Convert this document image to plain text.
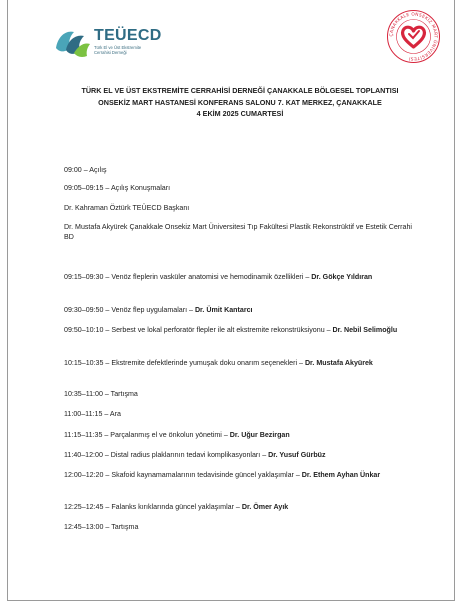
TEÜECD
Türk El ve Üst Ekstremite Cerrahisi Derneği
ÇANAKKALE ONSEKİZ MART ÜNİVERSİTESİ
TÜRK EL VE ÜST EKSTREMİTE CERRAHİSİ DERNEĞİ ÇANAKKALE BÖLGESEL TOPLANTISI
ONSEKİZ MART HASTANESİ KONFERANS SALONU 7. KAT MERKEZ, ÇANAKKALE
4 EKİM 2025 CUMARTESİ
09:00 – Açılış
09:05–09:15 – Açılış Konuşmaları
Dr. Kahraman Öztürk TEÜECD Başkanı
Dr. Mustafa Akyürek Çanakkale Onsekiz Mart Üniversitesi Tıp Fakültesi Plastik Rekonstrüktif ve Estetik Cerrahi BD
09:15–09:30 – Venöz fleplerin vasküler anatomisi ve hemodinamik özellikleri – Dr. Gökçe Yıldıran
09:30–09:50 – Venöz flep uygulamaları – Dr. Ümit Kantarcı
09:50–10:10 – Serbest ve lokal perforatör flepler ile alt ekstremite rekonstrüksiyonu – Dr. Nebil Selimoğlu
10:15–10:35 – Ekstremite defektlerinde yumuşak doku onarım seçenekleri – Dr. Mustafa Akyürek
10:35–11:00 – Tartışma
11:00–11:15 – Ara
11:15–11:35 – Parçalanmış el ve önkolun yönetimi – Dr. Uğur Bezirgan
11:40–12:00 – Distal radius plaklarının tedavi komplikasyonları – Dr. Yusuf Gürbüz
12:00–12:20 – Skafoid kaynamamalarının tedavisinde güncel yaklaşımlar – Dr. Ethem Ayhan Ünkar
12:25–12:45 – Falanks kırıklarında güncel yaklaşımlar – Dr. Ömer Ayık
12:45–13:00 – Tartışma
